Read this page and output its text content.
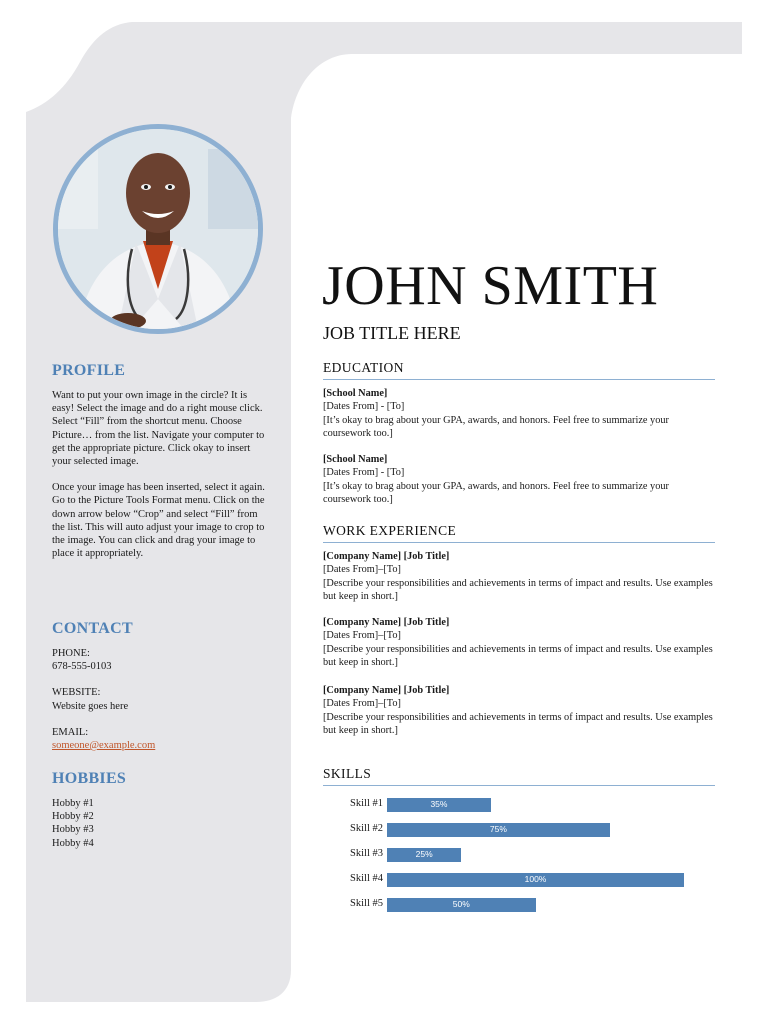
PROFILE

Want to put your own image in the circle? It is easy! Select the image and do a right mouse click. Select “Fill” from the shortcut menu. Choose Picture… from the list. Navigate your computer to get the appropriate picture. Click okay to insert your selected image.

Once your image has been inserted, select it again. Go to the Picture Tools Format menu. Click on the down arrow below “Crop” and select “Fill” from the list. This will auto adjust your image to crop to the image. You can click and drag your image to place it appropriately.

CONTACT

PHONE:
678-555-0103

WEBSITE:
Website goes here

EMAIL:
someone@example.com

HOBBIES
Hobby #1
Hobby #2
Hobby #3
Hobby #4
JOHN SMITH
JOB TITLE HERE
EDUCATION
[School Name]
[Dates From] - [To]
[It’s okay to brag about your GPA, awards, and honors. Feel free to summarize your coursework too.]
[School Name]
[Dates From] - [To]
[It’s okay to brag about your GPA, awards, and honors. Feel free to summarize your coursework too.]
WORK EXPERIENCE
[Company Name] [Job Title]
[Dates From]–[To]
[Describe your responsibilities and achievements in terms of impact and results. Use examples but keep in short.]
[Company Name] [Job Title]
[Dates From]–[To]
[Describe your responsibilities and achievements in terms of impact and results. Use examples but keep in short.]
[Company Name] [Job Title]
[Dates From]–[To]
[Describe your responsibilities and achievements in terms of impact and results. Use examples but keep in short.]
SKILLS
Skill #1	35%
Skill #2	75%
Skill #3	25%
Skill #4	100%
Skill #5	50%
